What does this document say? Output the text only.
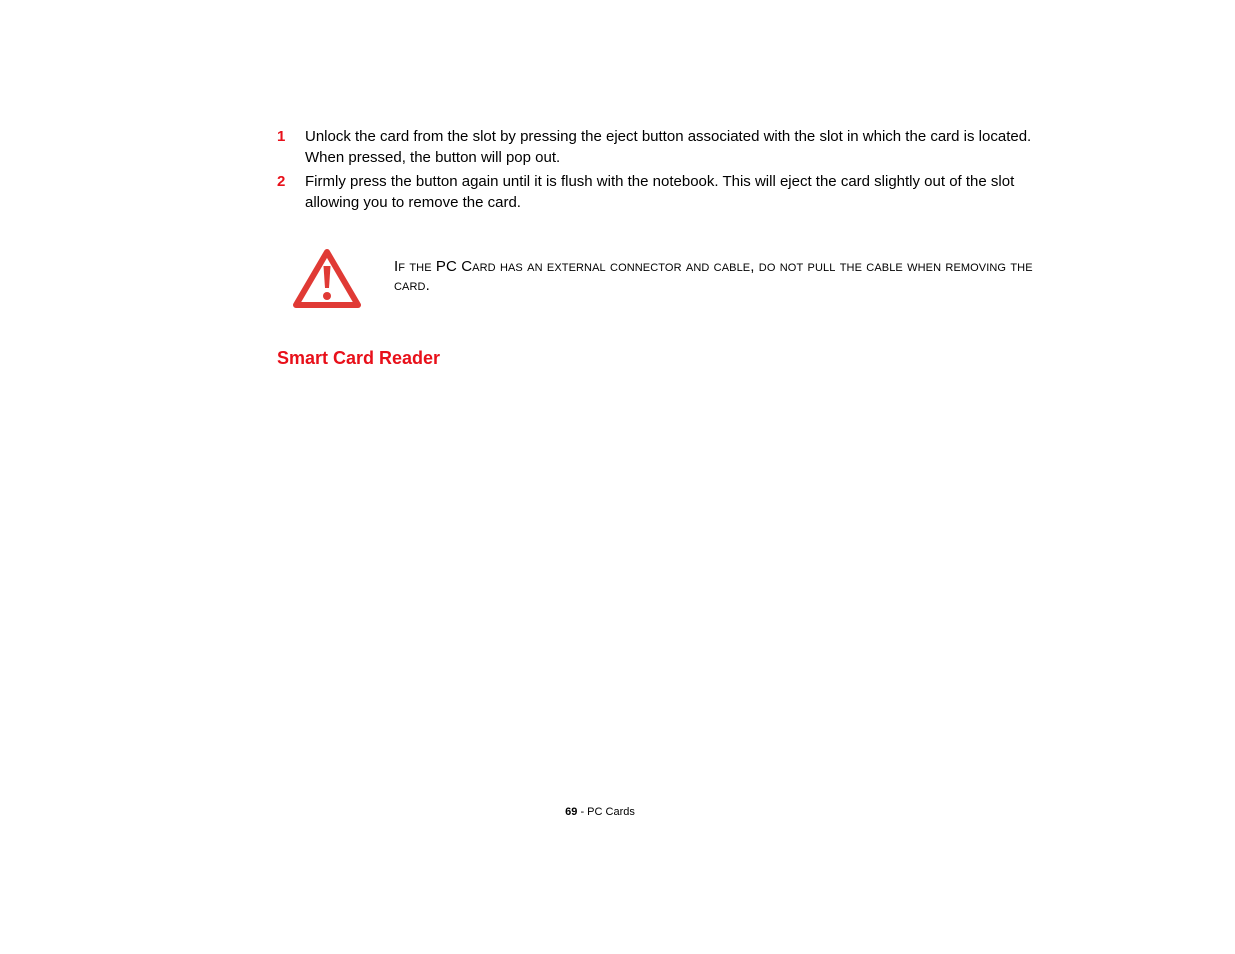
1 Unlock the card from the slot by pressing the eject button associated with the slot in which the card is located. When pressed, the button will pop out.
2 Firmly press the button again until it is flush with the notebook. This will eject the card slightly out of the slot allowing you to remove the card.
If the PC Card has an external connector and cable, do not pull the cable when removing the card.
Smart Card Reader
69 - PC Cards
